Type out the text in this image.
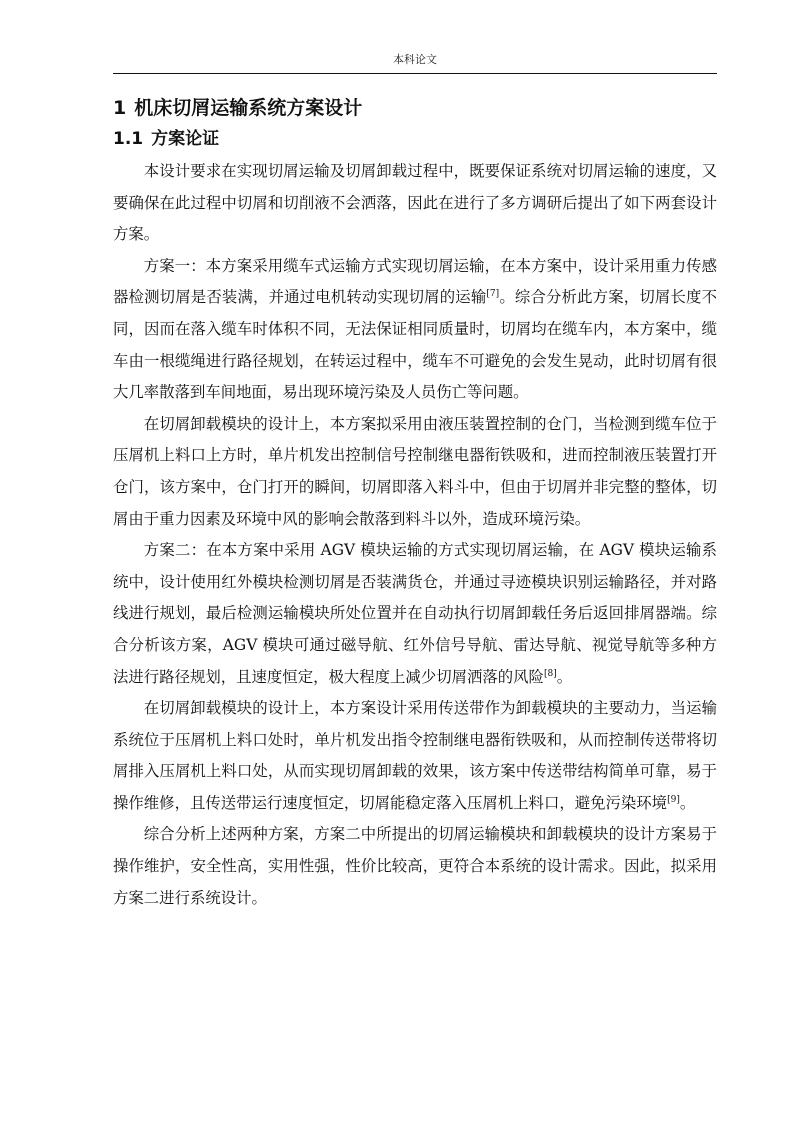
本科论文
1 机床切屑运输系统方案设计
1.1 方案论证

本设计要求在实现切屑运输及切屑卸载过程中，既要保证系统对切屑运输的速度，又要确保在此过程中切屑和切削液不会洒落，因此在进行了多方调研后提出了如下两套设计方案。

方案一：本方案采用缆车式运输方式实现切屑运输，在本方案中，设计采用重力传感器检测切屑是否装满，并通过电机转动实现切屑的运输[7]。综合分析此方案，切屑长度不同，因而在落入缆车时体积不同，无法保证相同质量时，切屑均在缆车内，本方案中，缆车由一根缆绳进行路径规划，在转运过程中，缆车不可避免的会发生晃动，此时切屑有很大几率散落到车间地面，易出现环境污染及人员伤亡等问题。

在切屑卸载模块的设计上，本方案拟采用由液压装置控制的仓门，当检测到缆车位于压屑机上料口上方时，单片机发出控制信号控制继电器衔铁吸和，进而控制液压装置打开仓门，该方案中，仓门打开的瞬间，切屑即落入料斗中，但由于切屑并非完整的整体，切屑由于重力因素及环境中风的影响会散落到料斗以外，造成环境污染。

方案二：在本方案中采用 AGV 模块运输的方式实现切屑运输，在 AGV 模块运输系统中，设计使用红外模块检测切屑是否装满货仓，并通过寻迹模块识别运输路径，并对路线进行规划，最后检测运输模块所处位置并在自动执行切屑卸载任务后返回排屑器端。综合分析该方案，AGV 模块可通过磁导航、红外信号导航、雷达导航、视觉导航等多种方法进行路径规划，且速度恒定，极大程度上减少切屑洒落的风险[8]。

在切屑卸载模块的设计上，本方案设计采用传送带作为卸载模块的主要动力，当运输系统位于压屑机上料口处时，单片机发出指令控制继电器衔铁吸和，从而控制传送带将切屑排入压屑机上料口处，从而实现切屑卸载的效果，该方案中传送带结构简单可靠，易于操作维修，且传送带运行速度恒定，切屑能稳定落入压屑机上料口，避免污染环境[9]。

综合分析上述两种方案，方案二中所提出的切屑运输模块和卸载模块的设计方案易于操作维护，安全性高，实用性强，性价比较高，更符合本系统的设计需求。因此，拟采用方案二进行系统设计。
